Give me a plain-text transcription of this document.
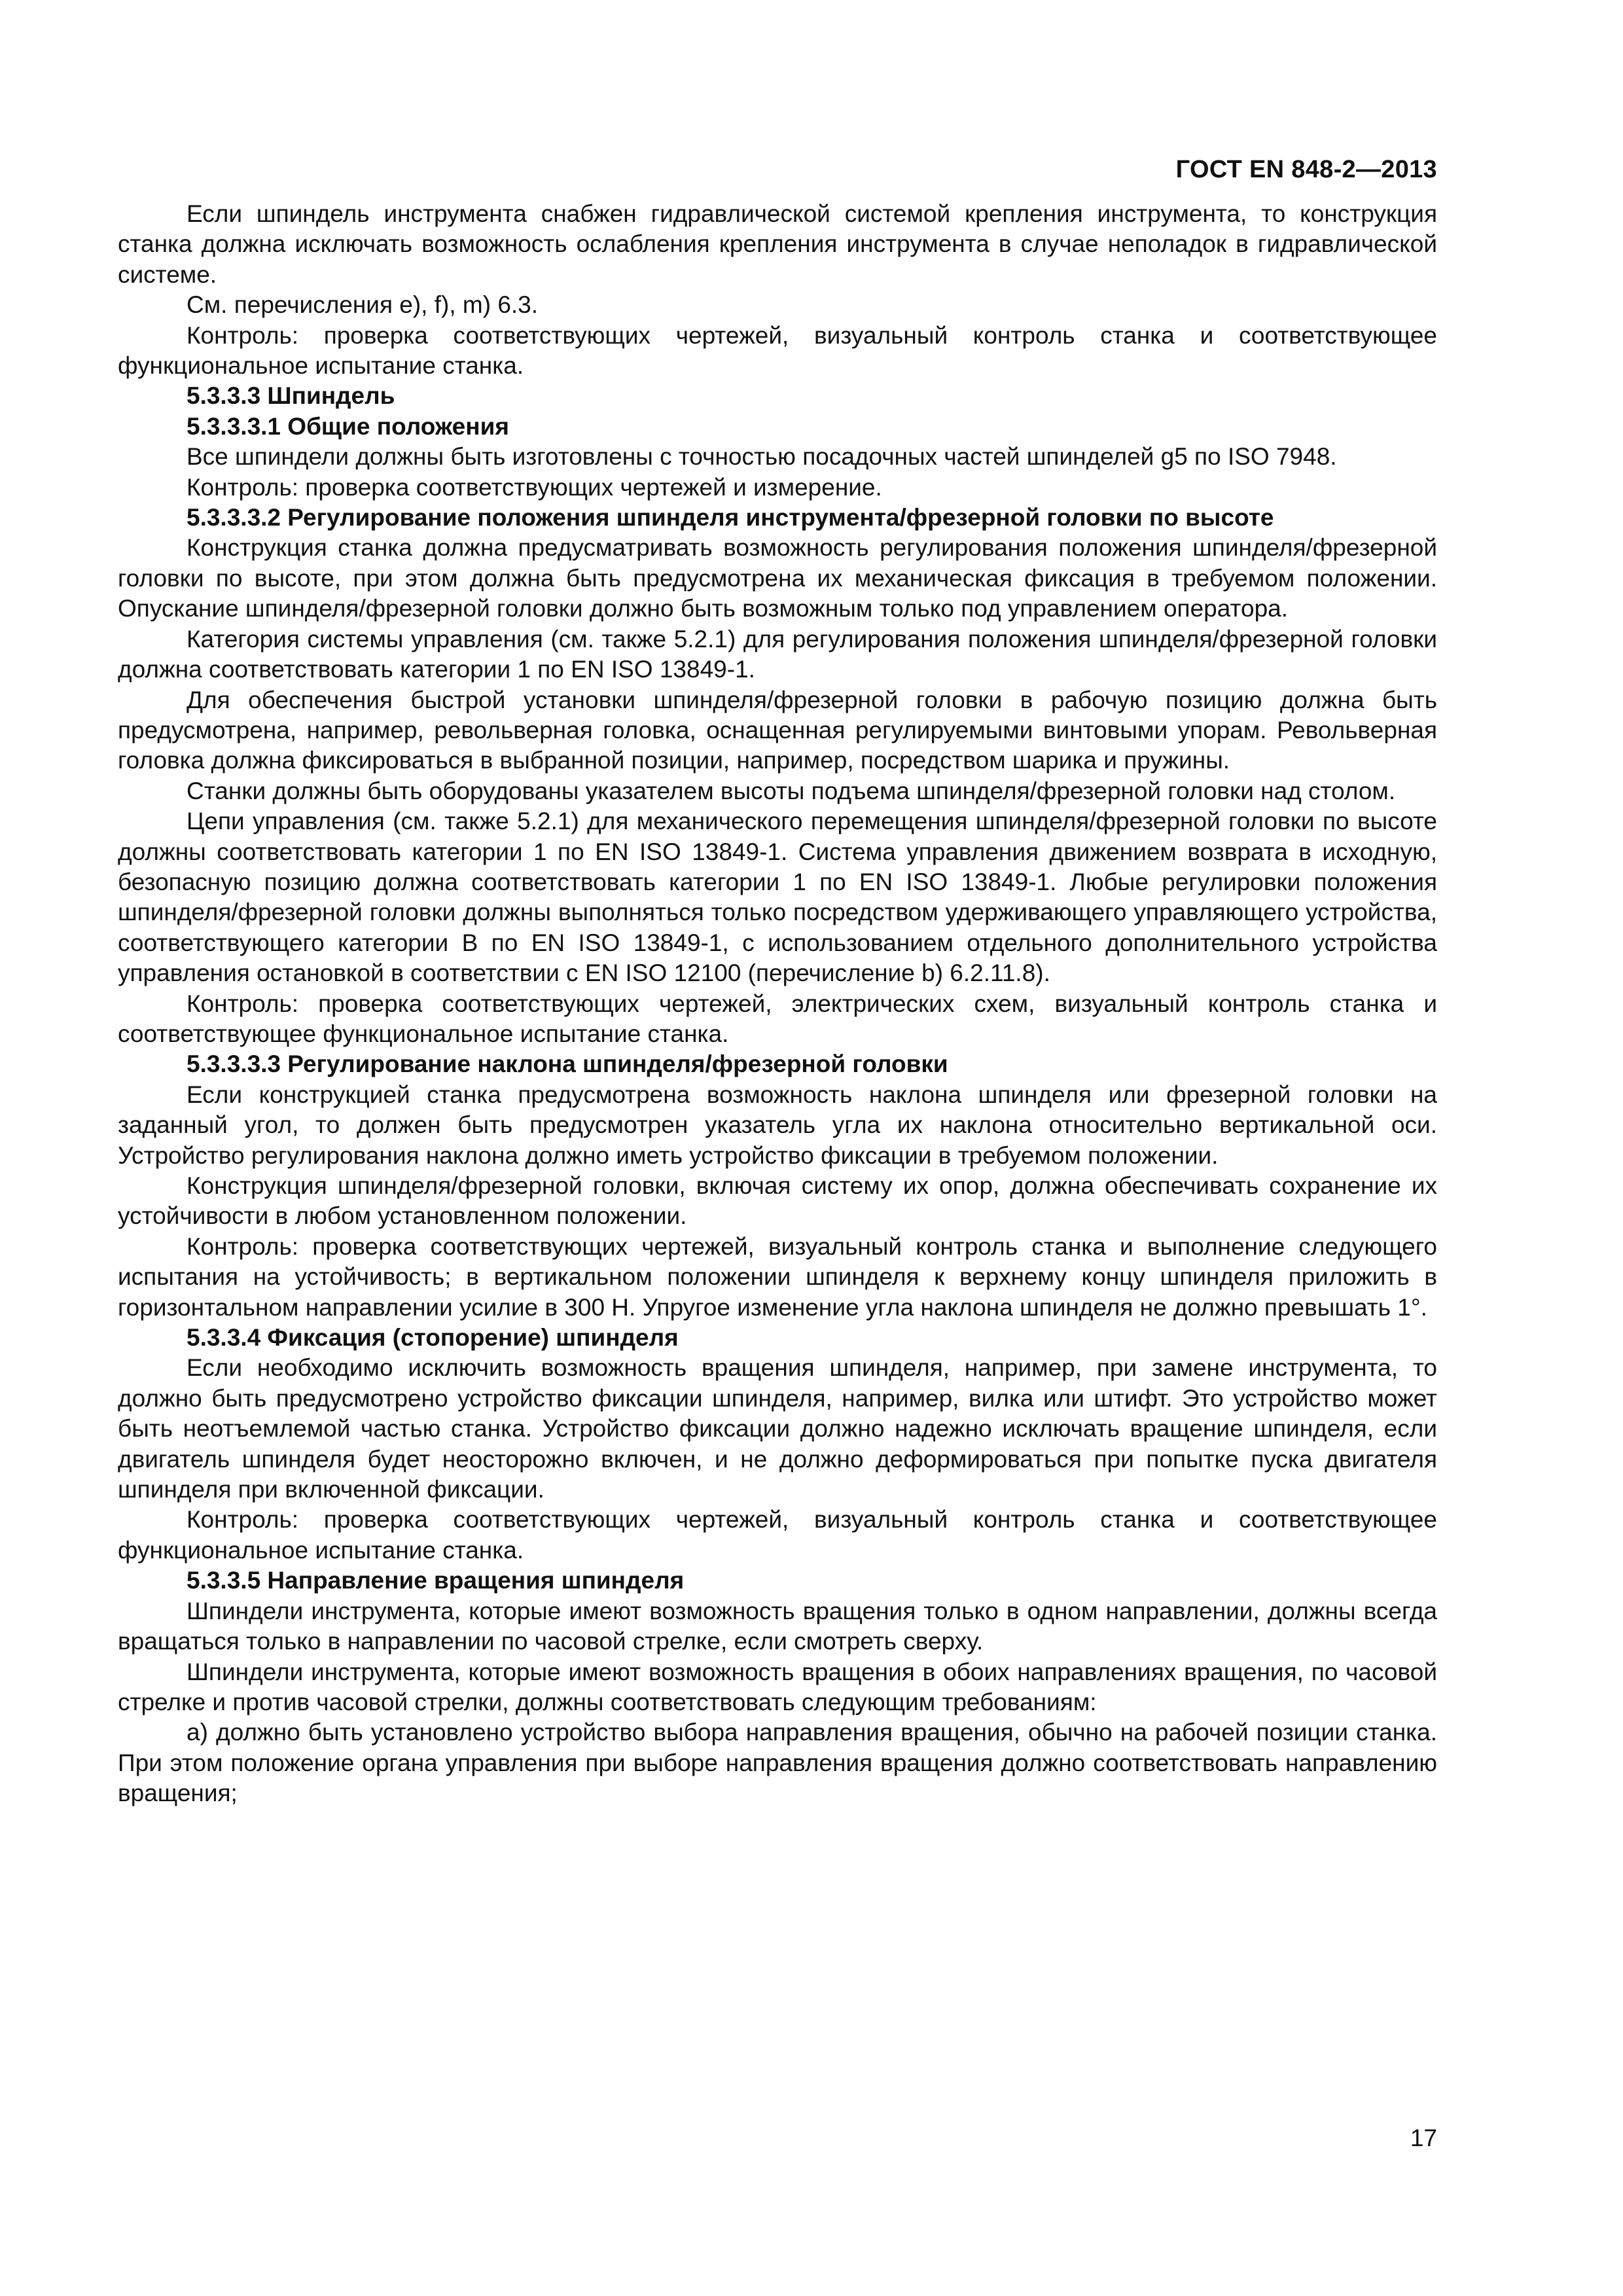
ГОСТ EN 848-2—2013

Если шпиндель инструмента снабжен гидравлической системой крепления инструмента, то конструкция станка должна исключать возможность ослабления крепления инструмента в случае неполадок в гидравлической системе.

См. перечисления е), f), m) 6.3.

Контроль: проверка соответствующих чертежей, визуальный контроль станка и соответствующее функциональное испытание станка.

5.3.3.3 Шпиндель

5.3.3.3.1 Общие положения

Все шпиндели должны быть изготовлены с точностью посадочных частей шпинделей g5 по ISO 7948.

Контроль: проверка соответствующих чертежей и измерение.

5.3.3.3.2 Регулирование положения шпинделя инструмента/фрезерной головки по высоте

Конструкция станка должна предусматривать возможность регулирования положения шпинделя/фрезерной головки по высоте, при этом должна быть предусмотрена их механическая фиксация в требуемом положении. Опускание шпинделя/фрезерной головки должно быть возможным только под управлением оператора.

Категория системы управления (см. также 5.2.1) для регулирования положения шпинделя/фрезерной головки должна соответствовать категории 1 по EN ISO 13849-1.

Для обеспечения быстрой установки шпинделя/фрезерной головки в рабочую позицию должна быть предусмотрена, например, револьверная головка, оснащенная регулируемыми винтовыми упорам. Револьверная головка должна фиксироваться в выбранной позиции, например, посредством шарика и пружины.

Станки должны быть оборудованы указателем высоты подъема шпинделя/фрезерной головки над столом.

Цепи управления (см. также 5.2.1) для механического перемещения шпинделя/фрезерной головки по высоте должны соответствовать категории 1 по EN ISO 13849-1. Система управления движением возврата в исходную, безопасную позицию должна соответствовать категории 1 по EN ISO 13849-1. Любые регулировки положения шпинделя/фрезерной головки должны выполняться только посредством удерживающего управляющего устройства, соответствующего категории В по EN ISO 13849-1, с использованием отдельного дополнительного устройства управления остановкой в соответствии с EN ISO 12100 (перечисление b) 6.2.11.8).

Контроль: проверка соответствующих чертежей, электрических схем, визуальный контроль станка и соответствующее функциональное испытание станка.

5.3.3.3.3 Регулирование наклона шпинделя/фрезерной головки

Если конструкцией станка предусмотрена возможность наклона шпинделя или фрезерной головки на заданный угол, то должен быть предусмотрен указатель угла их наклона относительно вертикальной оси. Устройство регулирования наклона должно иметь устройство фиксации в требуемом положении.

Конструкция шпинделя/фрезерной головки, включая систему их опор, должна обеспечивать сохранение их устойчивости в любом установленном положении.

Контроль: проверка соответствующих чертежей, визуальный контроль станка и выполнение следующего испытания на устойчивость; в вертикальном положении шпинделя к верхнему концу шпинделя приложить в горизонтальном направлении усилие в 300 Н. Упругое изменение угла наклона шпинделя не должно превышать 1°.

5.3.3.4 Фиксация (стопорение) шпинделя

Если необходимо исключить возможность вращения шпинделя, например, при замене инструмента, то должно быть предусмотрено устройство фиксации шпинделя, например, вилка или штифт. Это устройство может быть неотъемлемой частью станка. Устройство фиксации должно надежно исключать вращение шпинделя, если двигатель шпинделя будет неосторожно включен, и не должно деформироваться при попытке пуска двигателя шпинделя при включенной фиксации.

Контроль: проверка соответствующих чертежей, визуальный контроль станка и соответствующее функциональное испытание станка.

5.3.3.5 Направление вращения шпинделя

Шпиндели инструмента, которые имеют возможность вращения только в одном направлении, должны всегда вращаться только в направлении по часовой стрелке, если смотреть сверху.

Шпиндели инструмента, которые имеют возможность вращения в обоих направлениях вращения, по часовой стрелке и против часовой стрелки, должны соответствовать следующим требованиям:

а) должно быть установлено устройство выбора направления вращения, обычно на рабочей позиции станка. При этом положение органа управления при выборе направления вращения должно соответствовать направлению вращения;

17
